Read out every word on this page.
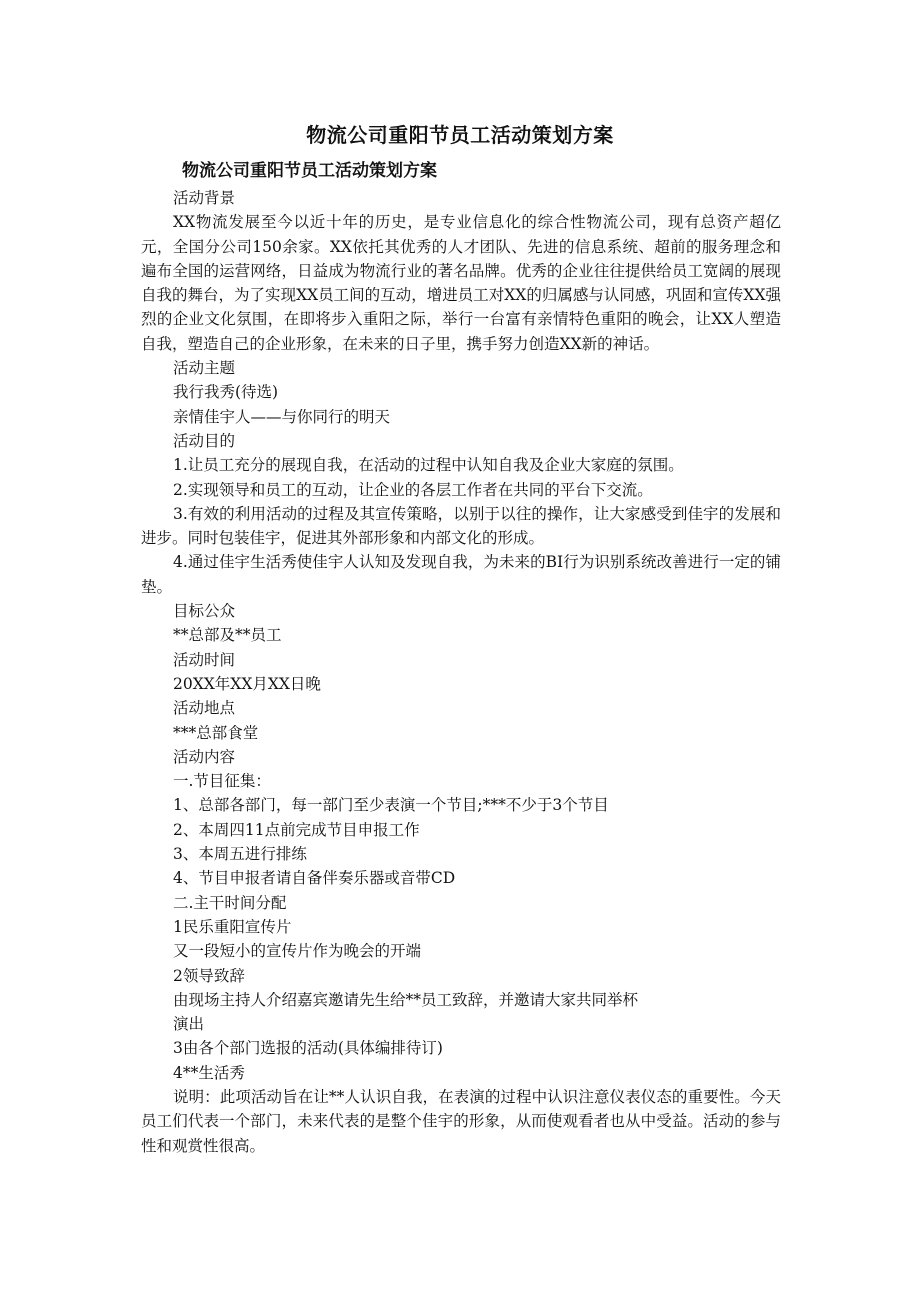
物流公司重阳节员工活动策划方案
物流公司重阳节员工活动策划方案

活动背景

XX物流发展至今以近十年的历史，是专业信息化的综合性物流公司，现有总资产超亿元，全国分公司150余家。XX依托其优秀的人才团队、先进的信息系统、超前的服务理念和遍布全国的运营网络，日益成为物流行业的著名品牌。优秀的企业往往提供给员工宽阔的展现自我的舞台，为了实现XX员工间的互动，增进员工对XX的归属感与认同感，巩固和宣传XX强烈的企业文化氛围，在即将步入重阳之际，举行一台富有亲情特色重阳的晚会，让XX人塑造自我，塑造自己的企业形象，在未来的日子里，携手努力创造XX新的神话。

活动主题

我行我秀(待选)

亲情佳宇人——与你同行的明天

活动目的

1.让员工充分的展现自我，在活动的过程中认知自我及企业大家庭的氛围。

2.实现领导和员工的互动，让企业的各层工作者在共同的平台下交流。

3.有效的利用活动的过程及其宣传策略，以别于以往的操作，让大家感受到佳宇的发展和进步。同时包装佳宇，促进其外部形象和内部文化的形成。

4.通过佳宇生活秀使佳宇人认知及发现自我，为未来的BI行为识别系统改善进行一定的铺垫。

目标公众

**总部及**员工

活动时间

20XX年XX月XX日晚

活动地点

***总部食堂

活动内容

一.节目征集：

1、总部各部门，每一部门至少表演一个节目;***不少于3个节目

2、本周四11点前完成节目申报工作

3、本周五进行排练

4、节目申报者请自备伴奏乐器或音带CD

二.主干时间分配

1民乐重阳宣传片

又一段短小的宣传片作为晚会的开端

2领导致辞

由现场主持人介绍嘉宾邀请先生给**员工致辞，并邀请大家共同举杯

演出

3由各个部门选报的活动(具体编排待订)

4**生活秀

说明：此项活动旨在让**人认识自我，在表演的过程中认识注意仪表仪态的重要性。今天员工们代表一个部门，未来代表的是整个佳宇的形象，从而使观看者也从中受益。活动的参与性和观赏性很高。
